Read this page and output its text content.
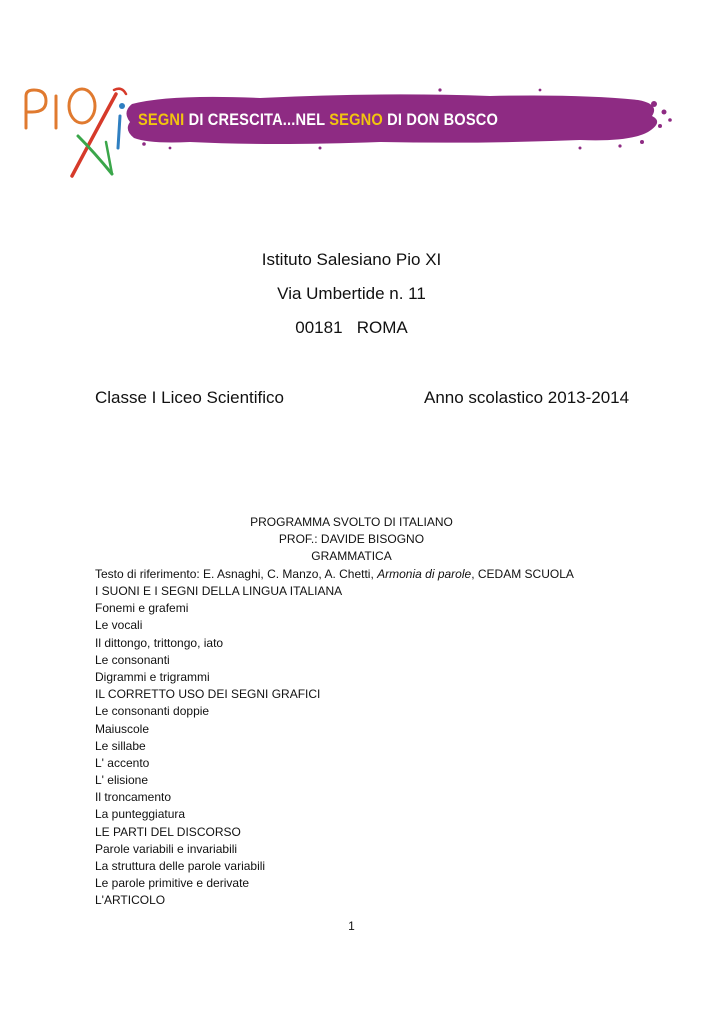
SEGNI DI CRESCITA...NEL SEGNO DI DON BOSCO
Istituto Salesiano Pio XI
Via Umbertide n. 11
00181   ROMA
Classe I Liceo Scientifico	Anno scolastico 2013-2014
PROGRAMMA SVOLTO DI ITALIANO
PROF.: DAVIDE BISOGNO
GRAMMATICA
Testo di riferimento: E. Asnaghi, C. Manzo, A. Chetti, Armonia di parole, CEDAM SCUOLA
I SUONI E I SEGNI DELLA LINGUA ITALIANA
Fonemi e grafemi
Le vocali
Il dittongo, trittongo, iato
Le consonanti
Digrammi e trigrammi
IL CORRETTO USO DEI SEGNI GRAFICI
Le consonanti doppie
Maiuscole
Le sillabe
L' accento
L' elisione
Il troncamento
La punteggiatura
LE PARTI DEL DISCORSO
Parole variabili e invariabili
La struttura delle parole variabili
Le parole primitive e derivate
L'ARTICOLO
1
